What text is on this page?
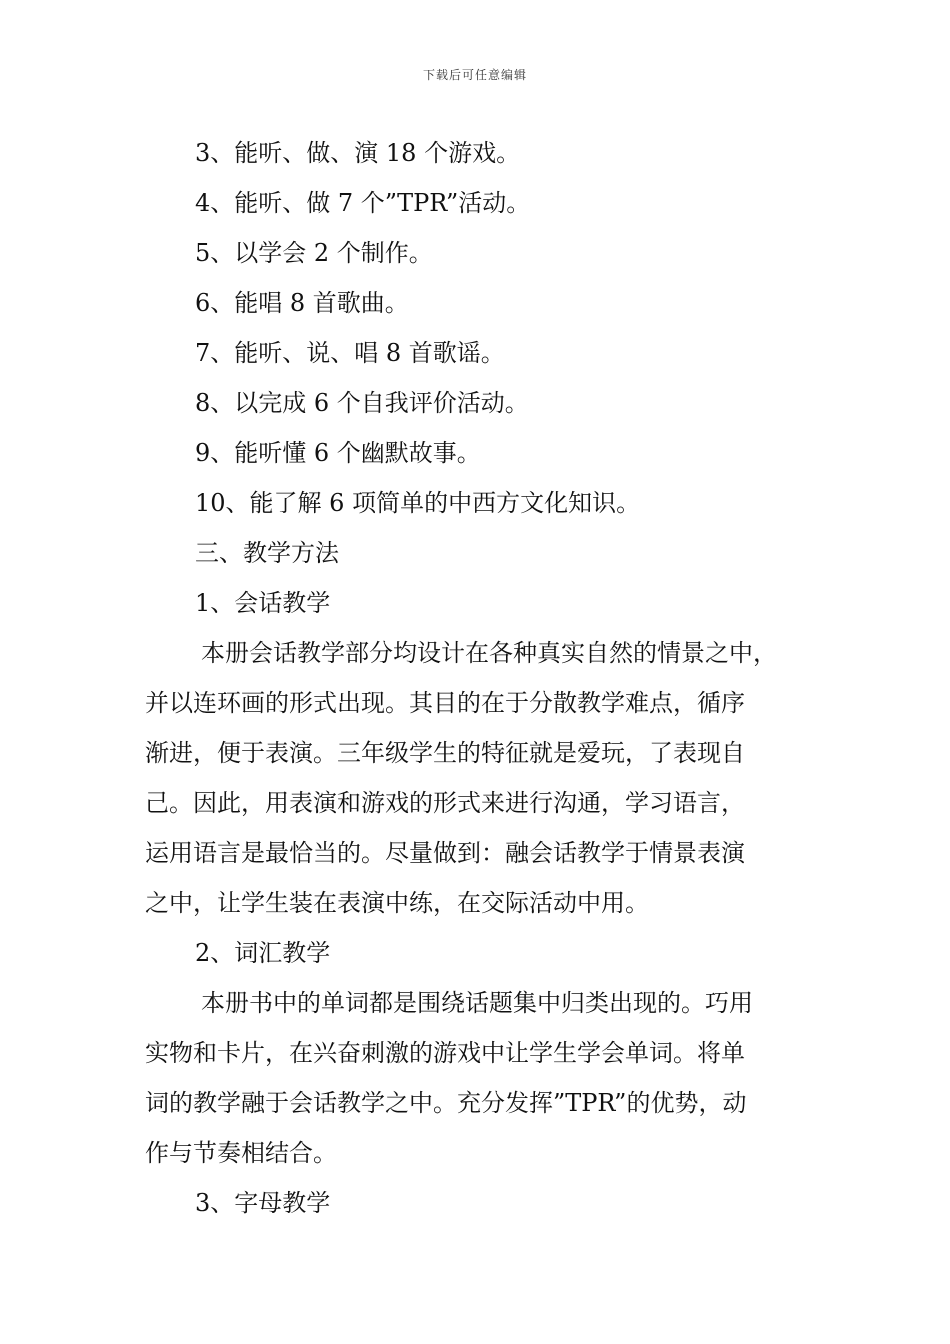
下载后可任意编辑
3、能听、做、演 18 个游戏。
4、能听、做 7 个”TPR”活动。
5、以学会 2 个制作。
6、能唱 8 首歌曲。
7、能听、说、唱 8 首歌谣。
8、以完成 6 个自我评价活动。
9、能听懂 6 个幽默故事。
10、能了解 6 项简单的中西方文化知识。
三、教学方法
1、会话教学
本册会话教学部分均设计在各种真实自然的情景之中，
并以连环画的形式出现。其目的在于分散教学难点，循序
渐进，便于表演。三年级学生的特征就是爱玩，了表现自
己。因此，用表演和游戏的形式来进行沟通，学习语言，
运用语言是最恰当的。尽量做到：融会话教学于情景表演
之中，让学生装在表演中练，在交际活动中用。
2、词汇教学
本册书中的单词都是围绕话题集中归类出现的。巧用
实物和卡片，在兴奋刺激的游戏中让学生学会单词。将单
词的教学融于会话教学之中。充分发挥”TPR”的优势，动
作与节奏相结合。
3、字母教学
